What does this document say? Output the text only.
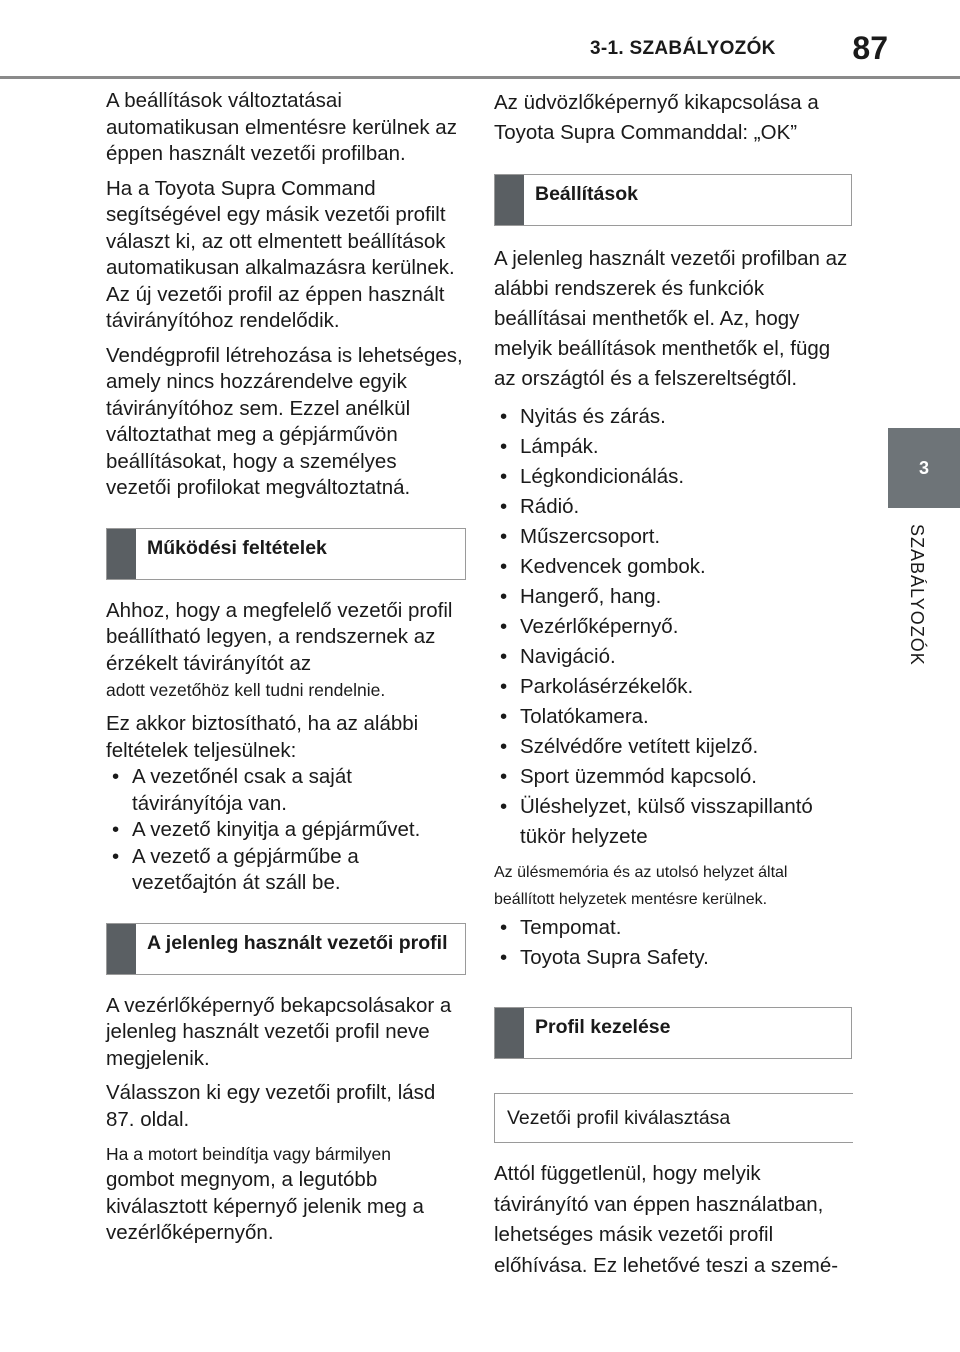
3-1. SZABÁLYOZÓK	87
3
SZABÁLYOZÓK

A beállítások változtatásai automatikusan elmentésre kerülnek az éppen használt vezetői profilban.

Ha a Toyota Supra Command segítségével egy másik vezetői profilt választ ki, az ott elmentett beállítások automatikusan alkalmazásra kerülnek. Az új vezetői profil az éppen használt távirányítóhoz rendelődik.

Vendégprofil létrehozása is lehetséges, amely nincs hozzárendelve egyik távirányítóhoz sem. Ezzel anélkül változtathat meg a gépjárművön beállításokat, hogy a személyes vezetői profilokat megváltoztatná.

Működési feltételek

Ahhoz, hogy a megfelelő vezetői profil beállítható legyen, a rendszernek az érzékelt távirányítót az

adott vezetőhöz kell tudni rendelnie.

Ez akkor biztosítható, ha az alábbi feltételek teljesülnek:

• A vezetőnél csak a saját távirányítója van.
• A vezető kinyitja a gépjárművet.
• A vezető a gépjárműbe a vezetőajtón át száll be.
A jelenleg használt vezetői profil

A vezérlőképernyő bekapcsolásakor a jelenleg használt vezetői profil neve megjelenik.

Válasszon ki egy vezetői profilt, lásd 87. oldal.

Ha a motort beindítja vagy bármilyen

gombot megnyom, a legutóbb kiválasztott képernyő jelenik meg a vezérlőképernyőn.

Az üdvözlőképernyő kikapcsolása a Toyota Supra Commanddal: „OK”

Beállítások

A jelenleg használt vezetői profilban az alábbi rendszerek és funkciók beállításai menthetők el. Az, hogy melyik beállítások menthetők el, függ az országtól és a felszereltségtől.

• Nyitás és zárás.
• Lámpák.
• Légkondicionálás.
• Rádió.
• Műszercsoport.
• Kedvencek gombok.
• Hangerő, hang.
• Vezérlőképernyő.
• Navigáció.
• Parkolásérzékelők.
• Tolatókamera.
• Szélvédőre vetített kijelző.
• Sport üzemmód kapcsoló.
• Üléshelyzet, külső visszapillantó tükör helyzete

Az ülésmemória és az utolsó helyzet által beállított helyzetek mentésre kerülnek.

• Tempomat.
• Toyota Supra Safety.
Profil kezelése
Vezetői profil kiválasztása

Attól függetlenül, hogy melyik távirányító van éppen használatban, lehetséges másik vezetői profil előhívása. Ez lehetővé teszi a szemé-
